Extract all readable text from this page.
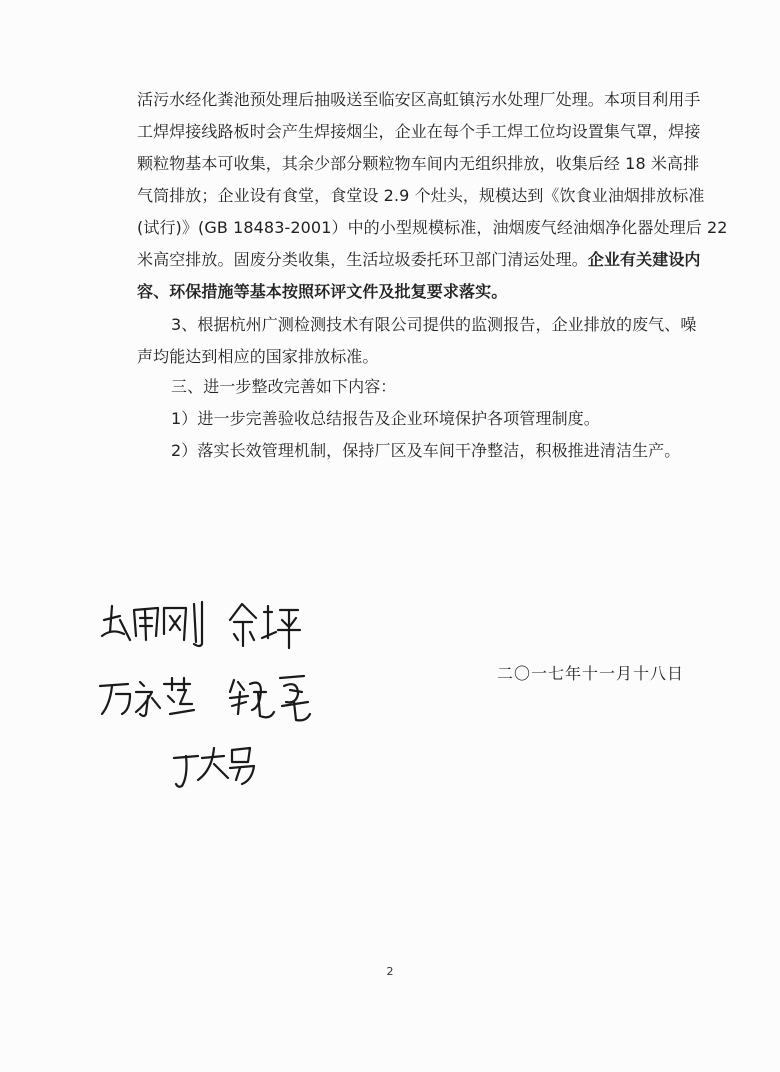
活污水经化粪池预处理后抽吸送至临安区高虹镇污水处理厂处理。本项目利用手
工焊焊接线路板时会产生焊接烟尘，企业在每个手工焊工位均设置集气罩，焊接
颗粒物基本可收集，其余少部分颗粒物车间内无组织排放，收集后经 18 米高排
气筒排放；企业设有食堂，食堂设 2.9 个灶头，规模达到《饮食业油烟排放标准
(试行)》(GB 18483-2001）中的小型规模标准，油烟废气经油烟净化器处理后 22
米高空排放。固废分类收集，生活垃圾委托环卫部门清运处理。企业有关建设内
容、环保措施等基本按照环评文件及批复要求落实。
3、根据杭州广测检测技术有限公司提供的监测报告，企业排放的废气、噪
声均能达到相应的国家排放标准。
三、进一步整改完善如下内容：
1）进一步完善验收总结报告及企业环境保护各项管理制度。
2）落实长效管理机制，保持厂区及车间干净整洁，积极推进清洁生产。
二〇一七年十一月十八日
2
